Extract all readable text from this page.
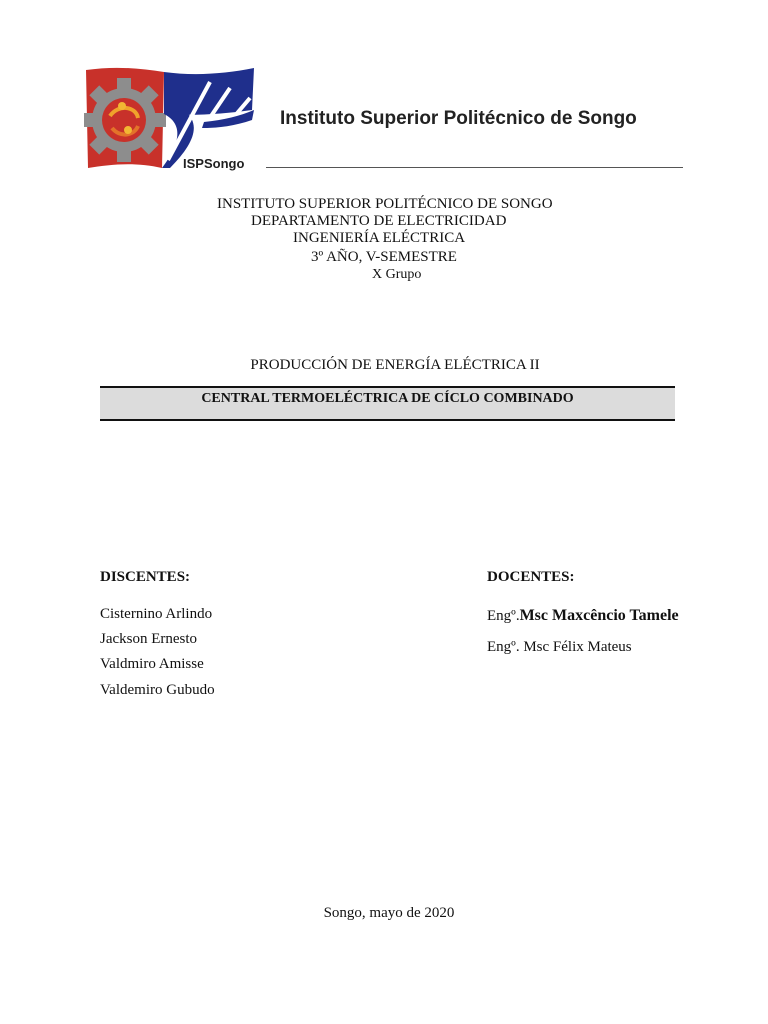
ISPSongo
Instituto Superior Politécnico de Songo
INSTITUTO SUPERIOR POLITÉCNICO DE SONGO
DEPARTAMENTO DE ELECTRICIDAD
INGENIERÍA ELÉCTRICA
3º AÑO, V-SEMESTRE
X Grupo
PRODUCCIÓN DE ENERGÍA ELÉCTRICA II
CENTRAL TERMOELÉCTRICA DE CÍCLO COMBINADO
DISCENTES:
Cisternino Arlindo
Jackson Ernesto
Valdmiro Amisse
Valdemiro Gubudo
DOCENTES:
Engº.Msc Maxcêncio Tamele
Engº. Msc Félix Mateus
Songo, mayo de 2020
